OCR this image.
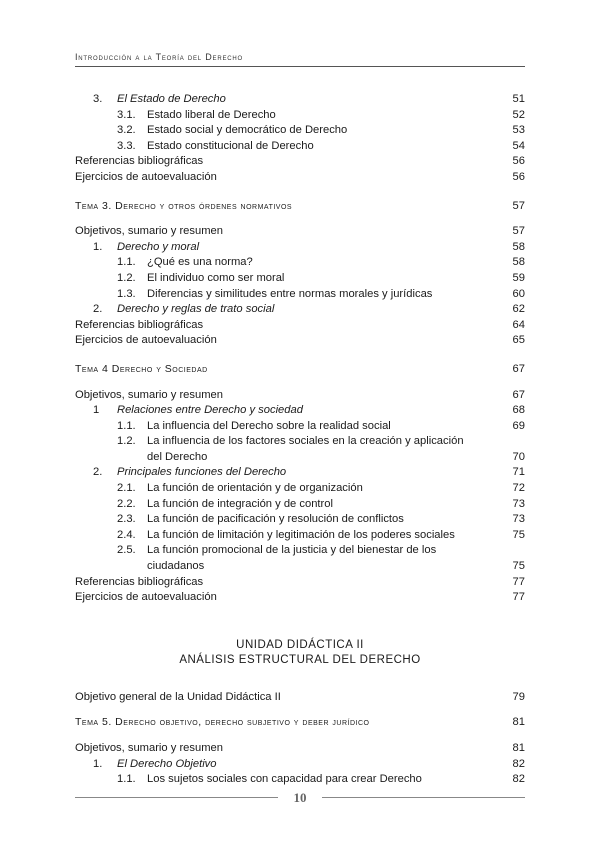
Introducción a la Teoría del Derecho
3. El Estado de Derecho	51
3.1. Estado liberal de Derecho	52
3.2. Estado social y democrático de Derecho	53
3.3. Estado constitucional de Derecho	54
Referencias bibliográficas	56
Ejercicios de autoevaluación	56
Tema 3. Derecho y otros órdenes normativos	57
Objetivos, sumario y resumen	57
1. Derecho y moral	58
1.1. ¿Qué es una norma?	58
1.2. El individuo como ser moral	59
1.3. Diferencias y similitudes entre normas morales y jurídicas	60
2. Derecho y reglas de trato social	62
Referencias bibliográficas	64
Ejercicios de autoevaluación	65
Tema 4 Derecho y Sociedad	67
Objetivos, sumario y resumen	67
1 Relaciones entre Derecho y sociedad	68
1.1. La influencia del Derecho sobre la realidad social	69
1.2. La influencia de los factores sociales en la creación y aplicación del Derecho	70
2. Principales funciones del Derecho	71
2.1. La función de orientación y de organización	72
2.2. La función de integración y de control	73
2.3. La función de pacificación y resolución de conflictos	73
2.4. La función de limitación y legitimación de los poderes sociales	75
2.5. La función promocional de la justicia y del bienestar de los ciudadanos	75
Referencias bibliográficas	77
Ejercicios de autoevaluación	77
UNIDAD DIDÁCTICA II
ANÁLISIS ESTRUCTURAL DEL DERECHO
Objetivo general de la Unidad Didáctica II	79
Tema 5. Derecho objetivo, derecho subjetivo y deber jurídico	81
Objetivos, sumario y resumen	81
1. El Derecho Objetivo	82
1.1. Los sujetos sociales con capacidad para crear Derecho	82
10
